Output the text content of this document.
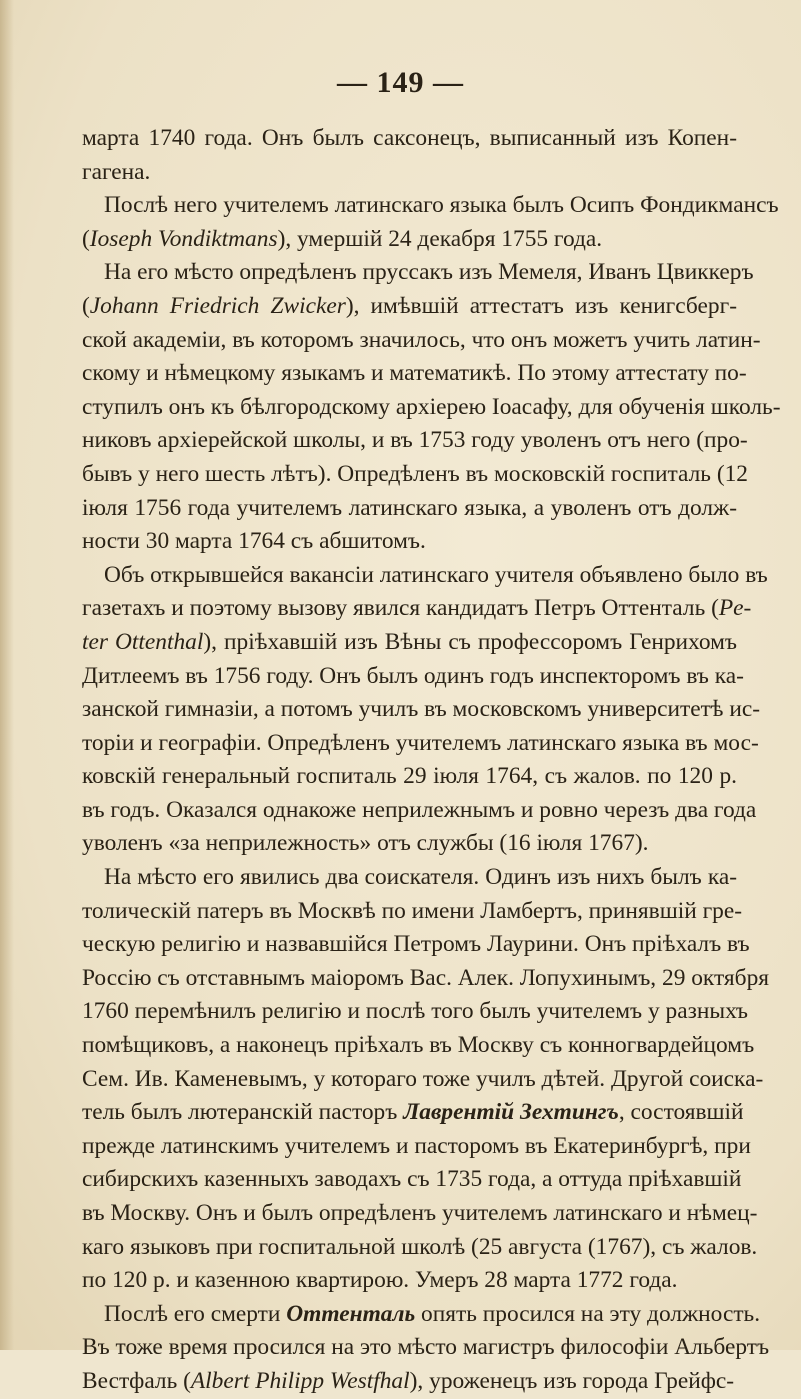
— 149 —
марта 1740 года. Онъ былъ саксонецъ, выписанный изъ Копен-
гагена.
Послѣ него учителемъ латинскаго языка былъ Осипъ Фондикмансъ
(Ioseph Vondiktmans), умершій 24 декабря 1755 года.
На его мѣсто опредѣленъ пруссакъ изъ Мемеля, Иванъ Цвиккеръ
(Johann Friedrich Zwicker), имѣвшій аттестатъ изъ кенигсберг-
ской академіи, въ которомъ значилось, что онъ можетъ учить латин-
скому и нѣмецкому языкамъ и математикѣ. По этому аттестату по-
ступилъ онъ къ бѣлгородскому архіерею Іоасафу, для обученія школь-
никовъ архіерейской школы, и въ 1753 году уволенъ отъ него (про-
бывъ у него шесть лѣтъ). Опредѣленъ въ московскій госпиталь (12
іюля 1756 года учителемъ латинскаго языка, а уволенъ отъ долж-
ности 30 марта 1764 съ абшитомъ.
Объ открывшейся вакансіи латинскаго учителя объявлено было въ
газетахъ и поэтому вызову явился кандидатъ Петръ Оттенталь (Pe-
ter Ottenthal), пріѣхавшій изъ Вѣны съ профессоромъ Генрихомъ
Дитлеемъ въ 1756 году. Онъ былъ одинъ годъ инспекторомъ въ ка-
занской гимназіи, а потомъ училъ въ московскомъ университетѣ ис-
торіи и географіи. Опредѣленъ учителемъ латинскаго языка въ мос-
ковскій генеральный госпиталь 29 іюля 1764, съ жалов. по 120 р.
въ годъ. Оказался однакоже неприлежнымъ и ровно черезъ два года
уволенъ «за неприлежность» отъ службы (16 іюля 1767).
На мѣсто его явились два соискателя. Одинъ изъ нихъ былъ ка-
толическій патеръ въ Москвѣ по имени Ламбертъ, принявшій гре-
ческую религію и назвавшійся Петромъ Лаурини. Онъ пріѣхалъ въ
Россію съ отставнымъ маіоромъ Вас. Алек. Лопухинымъ, 29 октября
1760 перемѣнилъ религію и послѣ того былъ учителемъ у разныхъ
помѣщиковъ, а наконецъ пріѣхалъ въ Москву съ конногвардейцомъ
Сем. Ив. Каменевымъ, у котораго тоже училъ дѣтей. Другой соиска-
тель былъ лютеранскій пасторъ Лаврентій Зехтингъ, состоявшій
прежде латинскимъ учителемъ и пасторомъ въ Екатеринбургѣ, при
сибирскихъ казенныхъ заводахъ съ 1735 года, а оттуда пріѣхавшій
въ Москву. Онъ и былъ опредѣленъ учителемъ латинскаго и нѣмец-
каго языковъ при госпитальной школѣ (25 августа (1767), съ жалов.
по 120 р. и казенною квартирою. Умеръ 28 марта 1772 года.
Послѣ его смерти Оттенталь опять просился на эту должность.
Въ тоже время просился на это мѣсто магистръ философіи Альбертъ
Вестфаль (Albert Philipp Westfhal), уроженецъ изъ города Грейфс-
